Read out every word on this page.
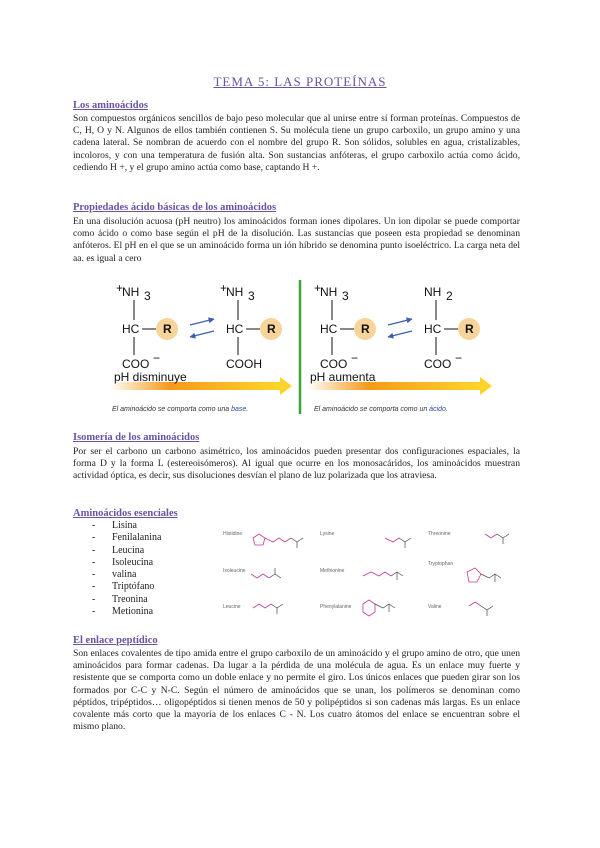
TEMA 5: LAS PROTEÍNAS
Los aminoácidos
Son compuestos orgánicos sencillos de bajo peso molecular que al unirse entre sí forman proteínas. Compuestos de C, H, O y N. Algunos de ellos también contienen S. Su molécula tiene un grupo carboxilo, un grupo amino y una cadena lateral. Se nombran de acuerdo con el nombre del grupo R. Son sólidos, solubles en agua, cristalizables, incoloros, y con una temperatura de fusión alta. Son sustancias anfóteras, el grupo carboxilo actúa como ácido, cediendo H +, y el grupo amino actúa como base, captando H +.
Propiedades ácido básicas de los aminoácidos
En una disolución acuosa (pH neutro) los aminoácidos forman iones dipolares. Un ion dipolar se puede comportar como ácido o como base según el pH de la disolución. Las sustancias que poseen esta propiedad se denominan anfóteros. El pH en el que se un aminoácido forma un ión híbrido se denomina punto isoeléctrico. La carga neta del aa. es igual a cero
+
NH 3
HC R
COO −
+
NH 3
HC R
COOH
pH disminuye
El aminoácido se comporta como una base.
+
NH 3
HC R
COO −
NH 2
HC R
COO −
pH aumenta
El aminoácido se comporta como un ácido.
Isomería de los aminoácidos
Por ser el carbono un carbono asimétrico, los aminoácidos pueden presentar dos configuraciones espaciales, la forma D y la forma L (estereoisómeros). Al igual que ocurre en los monosacáridos, los aminoácidos muestran actividad óptica, es decir, sus disoluciones desvían el plano de luz polarizada que los atraviesa.
Aminoácidos esenciales
- Lisina
- Fenilalanina
- Leucina
- Isoleucina
- valina
- Triptófano
- Treonina
- Metionina
Histidine	Lysine	Threonine
Isoleucine	Methionine
Tryptophan
Leucine	Phenylalanine	Valine
El enlace peptídico
Son enlaces covalentes de tipo amida entre el grupo carboxilo de un aminoácido y el grupo amino de otro, que unen aminoácidos para formar cadenas. Da lugar a la pérdida de una molécula de agua. Es un enlace muy fuerte y resistente que se comporta como un doble enlace y no permite el giro. Los únicos enlaces que pueden girar son los formados por C-C y N-C. Según el número de aminoácidos que se unan, los polímeros se denominan como péptidos, tripéptidos… oligopéptidos si tienen menos de 50 y polipéptidos si son cadenas más largas. Es un enlace covalente más corto que la mayoría de los enlaces C - N. Los cuatro átomos del enlace se encuentran sobre el mismo plano.
